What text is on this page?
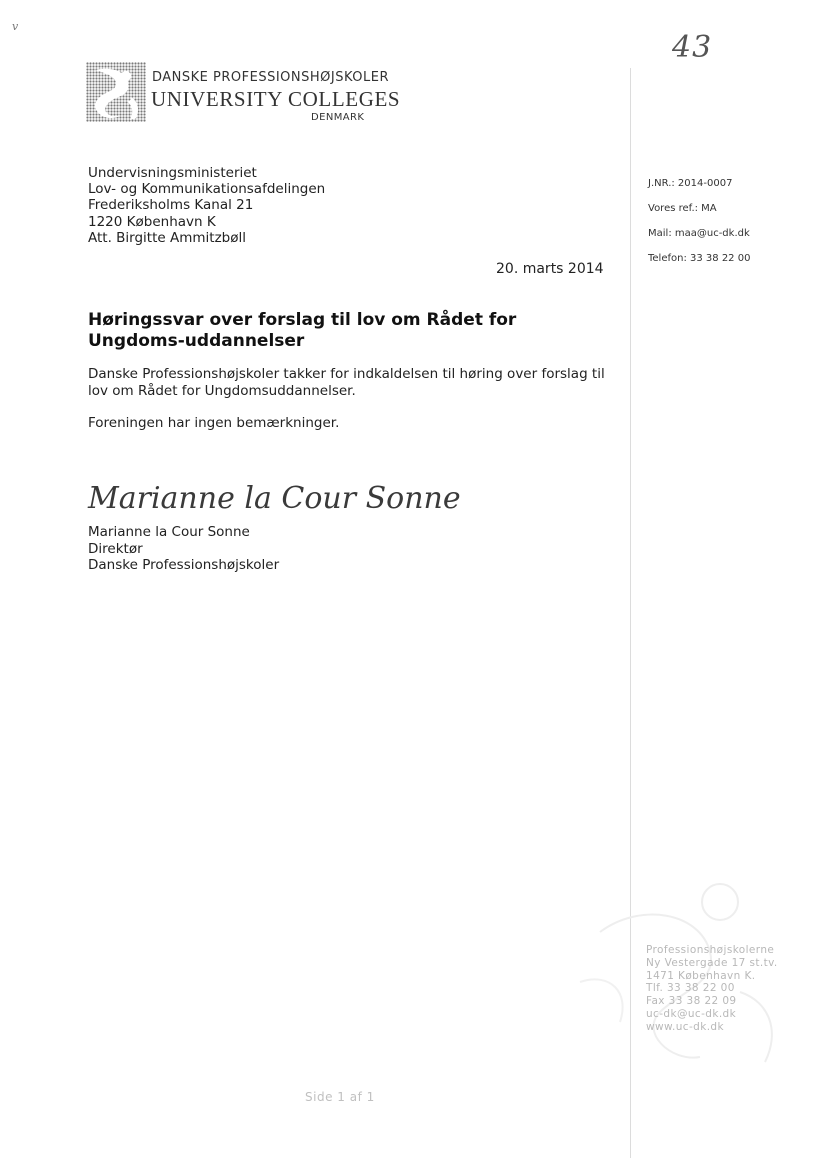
v
43
DANSKE PROFESSIONSHØJSKOLER
UNIVERSITY COLLEGES
DENMARK
Undervisningsministeriet
Lov- og Kommunikationsafdelingen
Frederiksholms Kanal 21
1220 København K
Att. Birgitte Ammitzbøll
J.NR.: 2014-0007
Vores ref.: MA
Mail: maa@uc-dk.dk
Telefon: 33 38 22 00
20. marts 2014
Høringssvar over forslag til lov om Rådet for Ungdoms-uddannelser
Danske Professionshøjskoler takker for indkaldelsen til høring over forslag til lov om Rådet for Ungdomsuddannelser.
Foreningen har ingen bemærkninger.
Marianne la Cour Sonne
Marianne la Cour Sonne
Direktør
Danske Professionshøjskoler
Professionshøjskolerne
Ny Vestergade 17 st.tv.
1471 København K.
Tlf. 33 38 22 00
Fax 33 38 22 09
uc-dk@uc-dk.dk
www.uc-dk.dk
Side 1 af 1
